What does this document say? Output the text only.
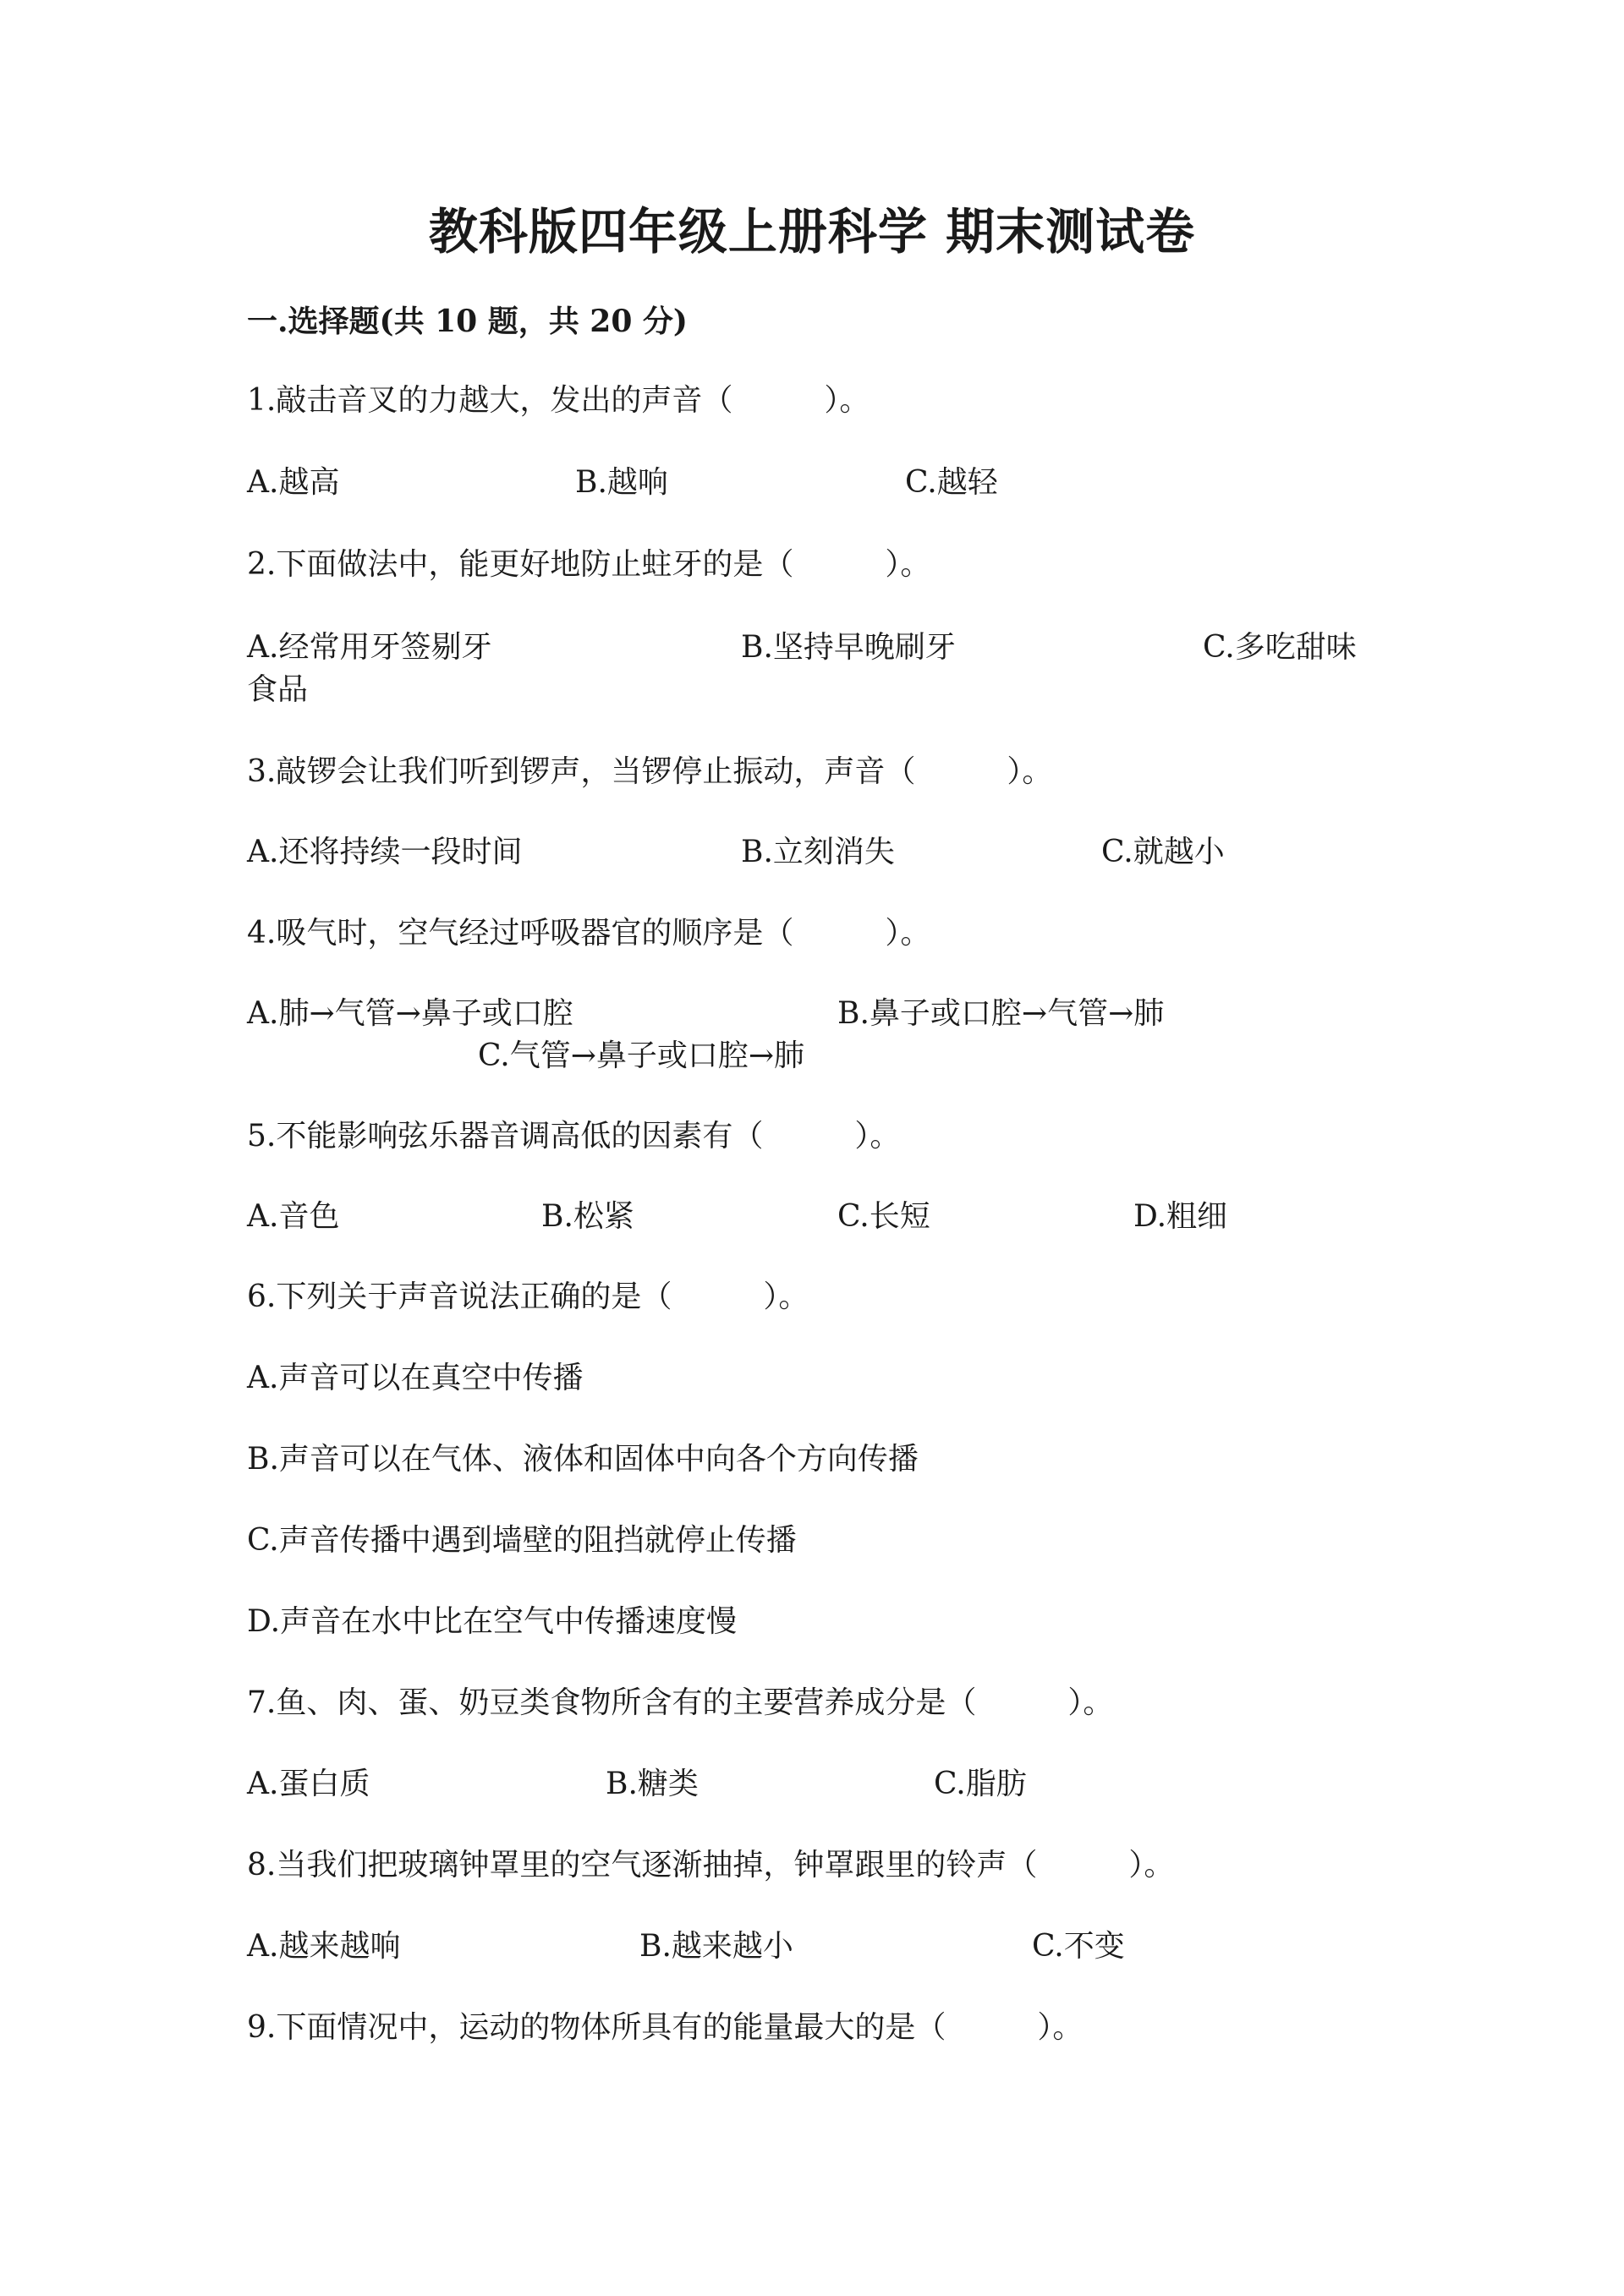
教科版四年级上册科学 期末测试卷
一.选择题(共 10 题，共 20 分)
1.敲击音叉的力越大，发出的声音（　　　）。
A.越高	B.越响	C.越轻
2.下面做法中，能更好地防止蛀牙的是（　　　）。
A.经常用牙签剔牙	B.坚持早晚刷牙	C.多吃甜味
食品
3.敲锣会让我们听到锣声，当锣停止振动，声音（　　　）。
A.还将持续一段时间	B.立刻消失	C.就越小
4.吸气时，空气经过呼吸器官的顺序是（　　　）。
A.肺→气管→鼻子或口腔	B.鼻子或口腔→气管→肺
C.气管→鼻子或口腔→肺
5.不能影响弦乐器音调高低的因素有（　　　）。
A.音色	B.松紧	C.长短	D.粗细
6.下列关于声音说法正确的是（　　　）。
A.声音可以在真空中传播
B.声音可以在气体、液体和固体中向各个方向传播
C.声音传播中遇到墙壁的阻挡就停止传播
D.声音在水中比在空气中传播速度慢
7.鱼、肉、蛋、奶豆类食物所含有的主要营养成分是（　　　）。
A.蛋白质	B.糖类	C.脂肪
8.当我们把玻璃钟罩里的空气逐渐抽掉，钟罩跟里的铃声（　　　）。
A.越来越响	B.越来越小	C.不变
9.下面情况中，运动的物体所具有的能量最大的是（　　　）。
